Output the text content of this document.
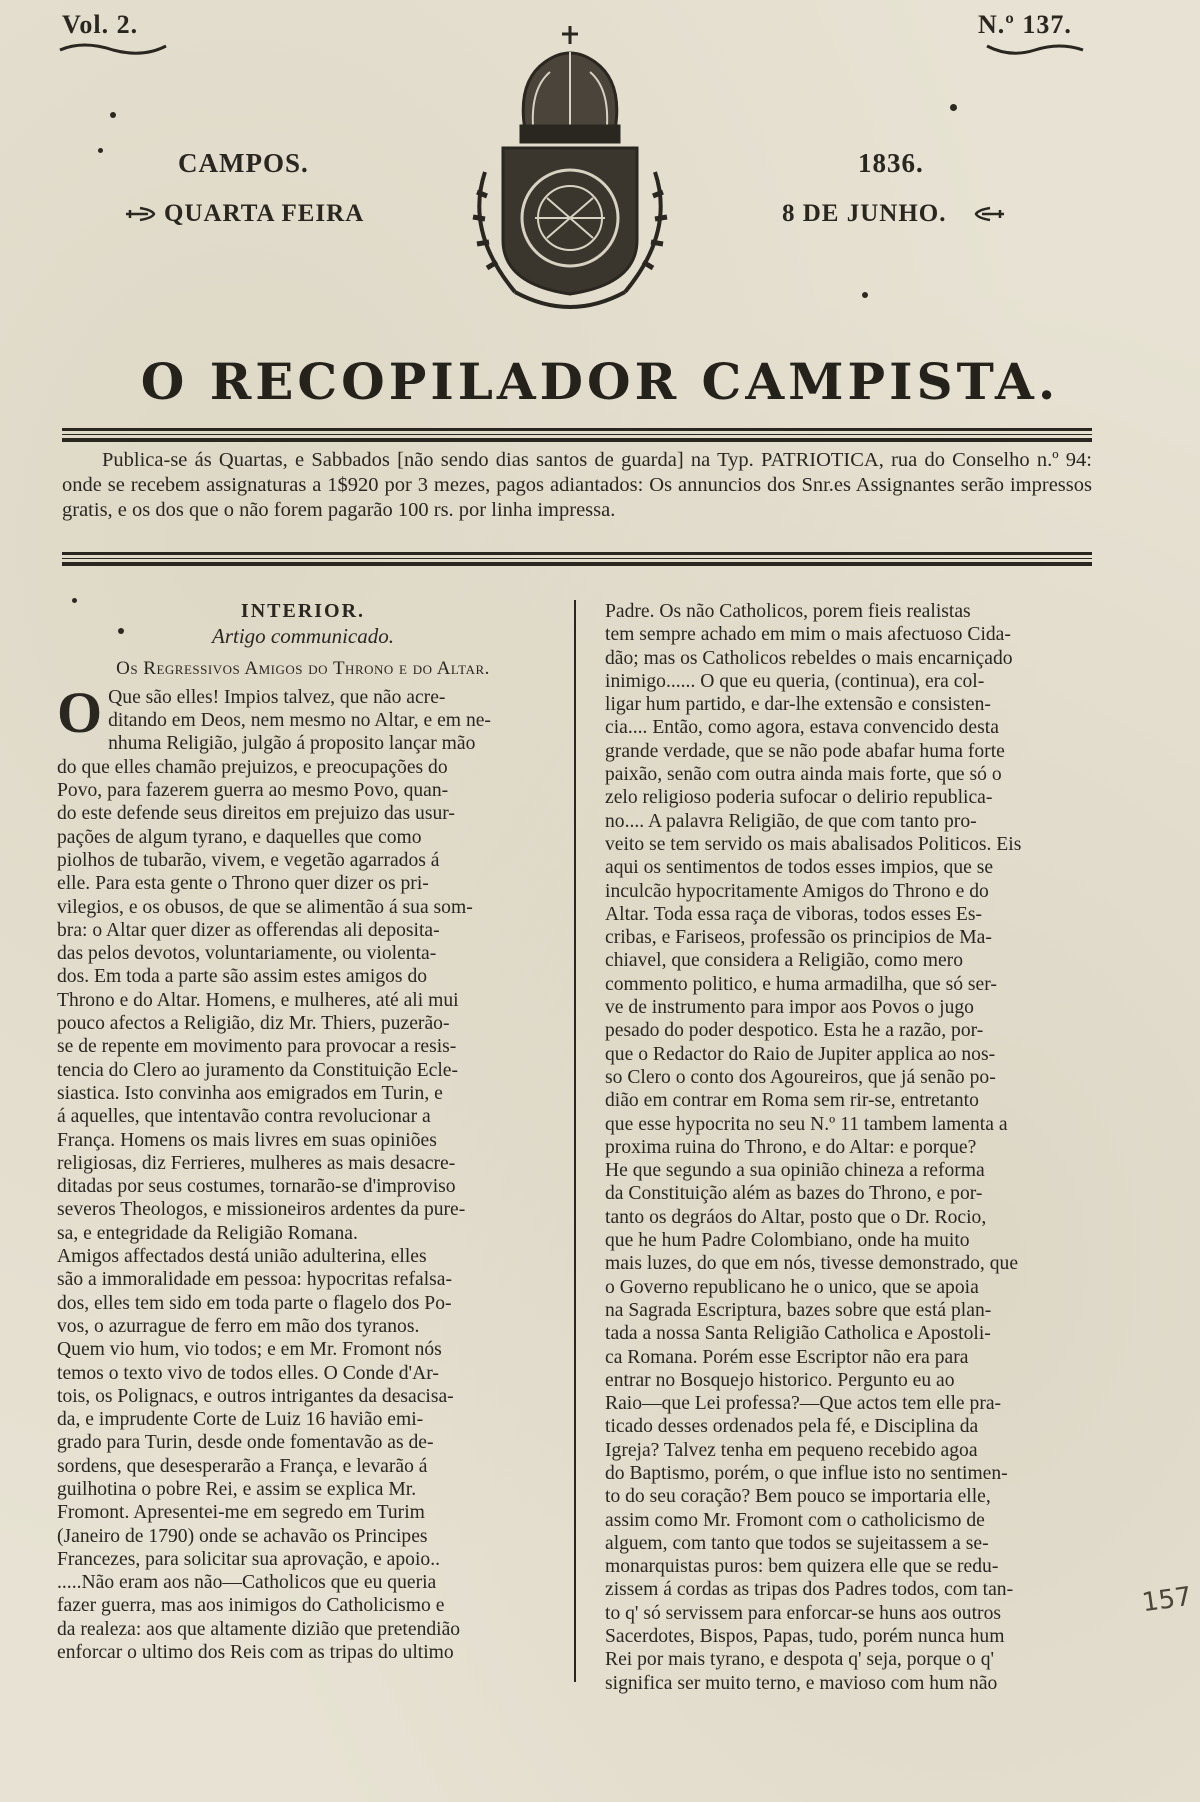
Vol. 2.	N.º 137.
CAMPOS.	1836.
QUARTA FEIRA	8 DE JUNHO.
O RECOPILADOR CAMPISTA.
Publica-se ás Quartas, e Sabbados [não sendo dias santos de guarda] na Typ. PATRIOTICA, rua do Conselho n.º 94: onde se recebem assignaturas a 1$920 por 3 mezes, pagos adiantados: Os annuncios dos Snr.es Assignantes serão impressos gratis, e os dos que o não forem pagarão 100 rs. por linha impressa.
INTERIOR.
Artigo communicado.
Os Regressivos Amigos do Throno e do Altar.
O Que são elles! Impios talvez, que não acre-
ditando em Deos, nem mesmo no Altar, e em ne-
nhuma Religião, julgão á proposito lançar mão
do que elles chamão prejuizos, e preocupações do
Povo, para fazerem guerra ao mesmo Povo, quan-
do este defende seus direitos em prejuizo das usur-
pações de algum tyrano, e daquelles que como
piolhos de tubarão, vivem, e vegetão agarrados á
elle. Para esta gente o Throno quer dizer os pri-
vilegios, e os obusos, de que se alimentão á sua som-
bra: o Altar quer dizer as offerendas ali deposita-
das pelos devotos, voluntariamente, ou violenta-
dos. Em toda a parte são assim estes amigos do
Throno e do Altar. Homens, e mulheres, até ali mui
pouco afectos a Religião, diz Mr. Thiers, puzerão-
se de repente em movimento para provocar a resis-
tencia do Clero ao juramento da Constituição Ecle-
siastica. Isto convinha aos emigrados em Turin, e
á aquelles, que intentavão contra revolucionar a
França. Homens os mais livres em suas opiniões
religiosas, diz Ferrieres, mulheres as mais desacre-
ditadas por seus costumes, tornarão-se d'improviso
severos Theologos, e missioneiros ardentes da pure-
sa, e entegridade da Religião Romana.
Amigos affectados destá união adulterina, elles
são a immoralidade em pessoa: hypocritas refalsa-
dos, elles tem sido em toda parte o flagelo dos Po-
vos, o azurrague de ferro em mão dos tyranos.
Quem vio hum, vio todos; e em Mr. Fromont nós
temos o texto vivo de todos elles. O Conde d'Ar-
tois, os Polignacs, e outros intrigantes da desacisa-
da, e imprudente Corte de Luiz 16 havião emi-
grado para Turin, desde onde fomentavão as de-
sordens, que desesperarão a França, e levarão á
guilhotina o pobre Rei, e assim se explica Mr.
Fromont. Apresentei-me em segredo em Turim
(Janeiro de 1790) onde se achavão os Principes
Francezes, para solicitar sua aprovação, e apoio..
.....Não eram aos não—Catholicos que eu queria
fazer guerra, mas aos inimigos do Catholicismo e
da realeza: aos que altamente dizião que pretendião
enforcar o ultimo dos Reis com as tripas do ultimo
Padre. Os não Catholicos, porem fieis realistas
tem sempre achado em mim o mais afectuoso Cida-
dão; mas os Catholicos rebeldes o mais encarniçado
inimigo...... O que eu queria, (continua), era col-
ligar hum partido, e dar-lhe extensão e consisten-
cia.... Então, como agora, estava convencido desta
grande verdade, que se não pode abafar huma forte
paixão, senão com outra ainda mais forte, que só o
zelo religioso poderia sufocar o delirio republica-
no.... A palavra Religião, de que com tanto pro-
veito se tem servido os mais abalisados Politicos. Eis
aqui os sentimentos de todos esses impios, que se
inculcão hypocritamente Amigos do Throno e do
Altar. Toda essa raça de viboras, todos esses Es-
cribas, e Fariseos, professão os principios de Ma-
chiavel, que considera a Religião, como mero
commento politico, e huma armadilha, que só ser-
ve de instrumento para impor aos Povos o jugo
pesado do poder despotico. Esta he a razão, por-
que o Redactor do Raio de Jupiter applica ao nos-
so Clero o conto dos Agoureiros, que já senão po-
dião em contrar em Roma sem rir-se, entretanto
que esse hypocrita no seu N.º 11 tambem lamenta a
proxima ruina do Throno, e do Altar: e porque?
He que segundo a sua opinião chineza a reforma
da Constituição além as bazes do Throno, e por-
tanto os degráos do Altar, posto que o Dr. Rocio,
que he hum Padre Colombiano, onde ha muito
mais luzes, do que em nós, tivesse demonstrado, que
o Governo republicano he o unico, que se apoia
na Sagrada Escriptura, bazes sobre que está plan-
tada a nossa Santa Religião Catholica e Apostoli-
ca Romana. Porém esse Escriptor não era para
entrar no Bosquejo historico. Pergunto eu ao
Raio—que Lei professa?—Que actos tem elle pra-
ticado desses ordenados pela fé, e Disciplina da
Igreja? Talvez tenha em pequeno recebido agoa
do Baptismo, porém, o que influe isto no sentimen-
to do seu coração? Bem pouco se importaria elle,
assim como Mr. Fromont com o catholicismo de
alguem, com tanto que todos se sujeitassem a se-
monarquistas puros: bem quizera elle que se redu-
zissem á cordas as tripas dos Padres todos, com tan-
to q' só servissem para enforcar-se huns aos outros
Sacerdotes, Bispos, Papas, tudo, porém nunca hum
Rei por mais tyrano, e despota q' seja, porque o q'
significa ser muito terno, e mavioso com hum não
157
